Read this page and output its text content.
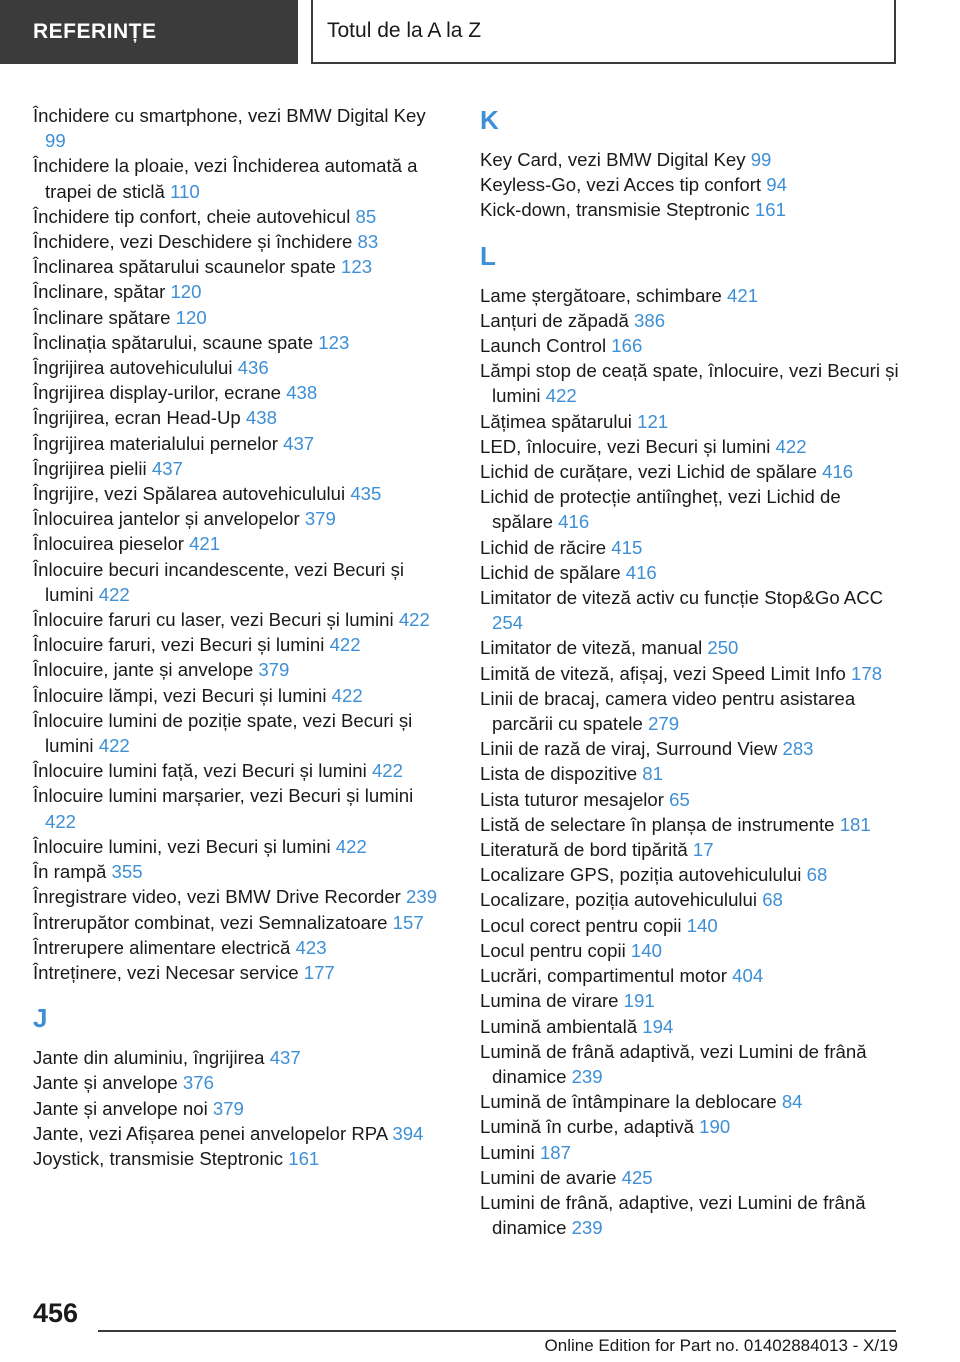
REFERINȚE	Totul de la A la Z
Închidere cu smartphone, vezi BMW Digital Key 99
Închidere la ploaie, vezi Închiderea automată a trapei de sticlă 110
Închidere tip confort, cheie autovehicul 85
Închidere, vezi Deschidere și închidere 83
Înclinarea spătarului scaunelor spate 123
Înclinare, spătar 120
Înclinare spătare 120
Înclinația spătarului, scaune spate 123
Îngrijirea autovehiculului 436
Îngrijirea display-urilor, ecrane 438
Îngrijirea, ecran Head-Up 438
Îngrijirea materialului pernelor 437
Îngrijirea pielii 437
Îngrijire, vezi Spălarea autovehiculului 435
Înlocuirea jantelor și anvelopelor 379
Înlocuirea pieselor 421
Înlocuire becuri incandescente, vezi Becuri și lumini 422
Înlocuire faruri cu laser, vezi Becuri și lumini 422
Înlocuire faruri, vezi Becuri și lumini 422
Înlocuire, jante și anvelope 379
Înlocuire lămpi, vezi Becuri și lumini 422
Înlocuire lumini de poziție spate, vezi Becuri și lumini 422
Înlocuire lumini față, vezi Becuri și lumini 422
Înlocuire lumini marșarier, vezi Becuri și lumini 422
Înlocuire lumini, vezi Becuri și lumini 422
În rampă 355
Înregistrare video, vezi BMW Drive Recorder 239
Întrerupător combinat, vezi Semnalizatoare 157
Întrerupere alimentare electrică 423
Întreținere, vezi Necesar service 177
J
Jante din aluminiu, îngrijirea 437
Jante și anvelope 376
Jante și anvelope noi 379
Jante, vezi Afișarea penei anvelopelor RPA 394
Joystick, transmisie Steptronic 161
K
Key Card, vezi BMW Digital Key 99
Keyless-Go, vezi Acces tip confort 94
Kick-down, transmisie Steptronic 161
L
Lame ștergătoare, schimbare 421
Lanțuri de zăpadă 386
Launch Control 166
Lămpi stop de ceață spate, înlocuire, vezi Becuri și lumini 422
Lățimea spătarului 121
LED, înlocuire, vezi Becuri și lumini 422
Lichid de curățare, vezi Lichid de spălare 416
Lichid de protecție antiîngheț, vezi Lichid de spălare 416
Lichid de răcire 415
Lichid de spălare 416
Limitator de viteză activ cu funcție Stop&Go ACC 254
Limitator de viteză, manual 250
Limită de viteză, afișaj, vezi Speed Limit Info 178
Linii de bracaj, camera video pentru asistarea parcării cu spatele 279
Linii de rază de viraj, Surround View 283
Lista de dispozitive 81
Lista tuturor mesajelor 65
Listă de selectare în planșa de instrumente 181
Literatură de bord tipărită 17
Localizare GPS, poziția autovehiculului 68
Localizare, poziția autovehiculului 68
Locul corect pentru copii 140
Locul pentru copii 140
Lucrări, compartimentul motor 404
Lumina de virare 191
Lumină ambientală 194
Lumină de frână adaptivă, vezi Lumini de frână dinamice 239
Lumină de întâmpinare la deblocare 84
Lumină în curbe, adaptivă 190
Lumini 187
Lumini de avarie 425
Lumini de frână, adaptive, vezi Lumini de frână dinamice 239
456
Online Edition for Part no. 01402884013 - X/19
